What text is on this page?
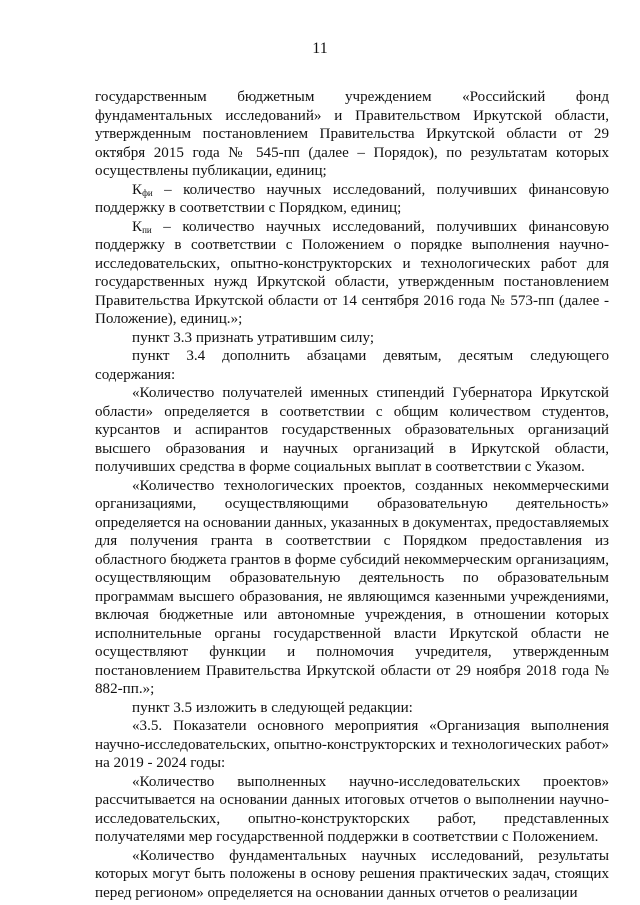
11

государственным бюджетным учреждением «Российский фонд фундаментальных исследований» и Правительством Иркутской области, утвержденным постановлением Правительства Иркутской области от 29 октября 2015 года № 545-пп (далее – Порядок), по результатам которых осуществлены публикации, единиц;

$К_{фи}$ – количество научных исследований, получивших финансовую поддержку в соответствии с Порядком, единиц;

$К_{пи}$ – количество научных исследований, получивших финансовую поддержку в соответствии с Положением о порядке выполнения научно-исследовательских, опытно-конструкторских и технологических работ для государственных нужд Иркутской области, утвержденным постановлением Правительства Иркутской области от 14 сентября 2016 года № 573-пп (далее - Положение), единиц.»;

пункт 3.3 признать утратившим силу;

пункт 3.4 дополнить абзацами девятым, десятым следующего содержания:

«Количество получателей именных стипендий Губернатора Иркутской области» определяется в соответствии с общим количеством студентов, курсантов и аспирантов государственных образовательных организаций высшего образования и научных организаций в Иркутской области, получивших средства в форме социальных выплат в соответствии с Указом.

«Количество технологических проектов, созданных некоммерческими организациями, осуществляющими образовательную деятельность» определяется на основании данных, указанных в документах, предоставляемых для получения гранта в соответствии с Порядком предоставления из областного бюджета грантов в форме субсидий некоммерческим организациям, осуществляющим образовательную деятельность по образовательным программам высшего образования, не являющимся казенными учреждениями, включая бюджетные или автономные учреждения, в отношении которых исполнительные органы государственной власти Иркутской области не осуществляют функции и полномочия учредителя, утвержденным постановлением Правительства Иркутской области от 29 ноября 2018 года № 882-пп.»;

пункт 3.5 изложить в следующей редакции:

«3.5. Показатели основного мероприятия «Организация выполнения научно-исследовательских, опытно-конструкторских и технологических работ» на 2019 - 2024 годы:

«Количество выполненных научно-исследовательских проектов» рассчитывается на основании данных итоговых отчетов о выполнении научно-исследовательских, опытно-конструкторских работ, представленных получателями мер государственной поддержки в соответствии с Положением.

«Количество фундаментальных научных исследований, результаты которых могут быть положены в основу решения практических задач, стоящих перед регионом» определяется на основании данных отчетов о реализации
